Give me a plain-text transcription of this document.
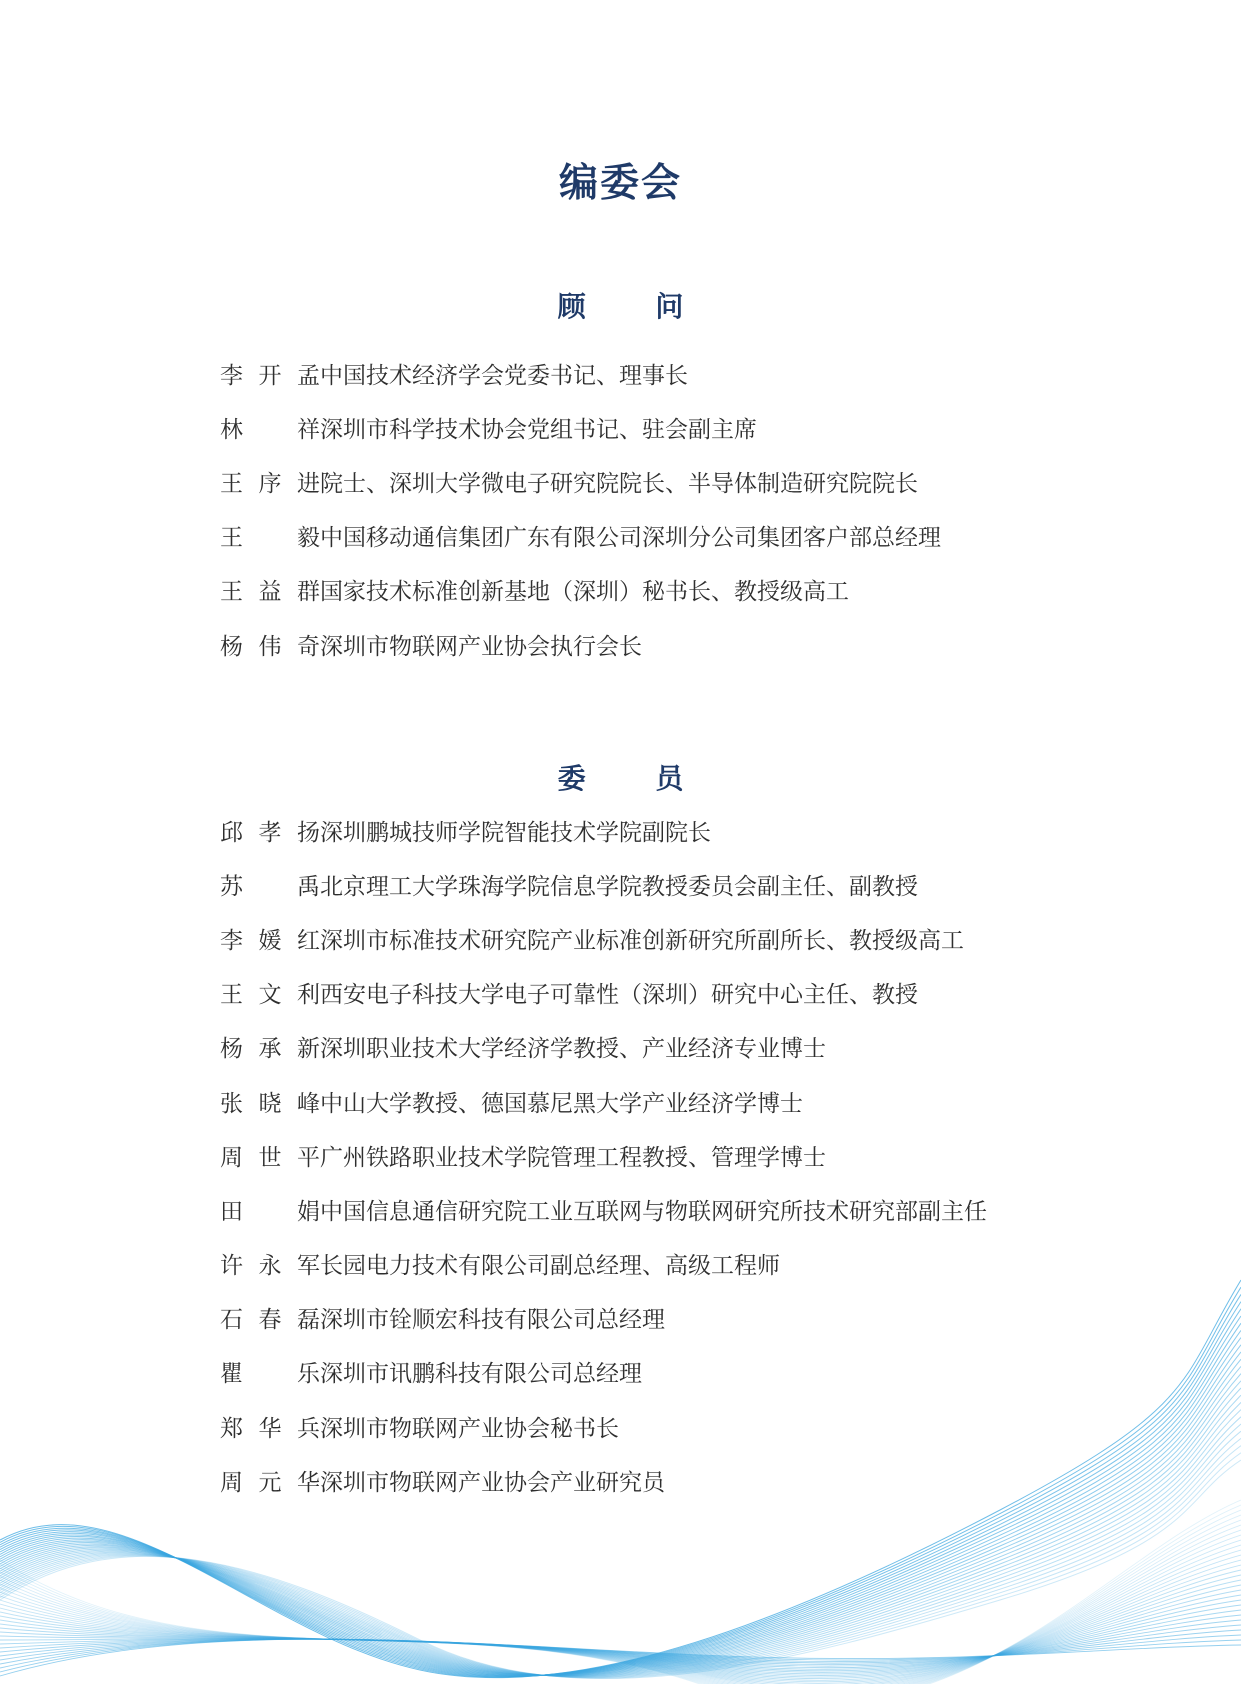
编委会
顾 问
李开孟 中国技术经济学会党委书记、理事长
林  祥 深圳市科学技术协会党组书记、驻会副主席
王序进 院士、深圳大学微电子研究院院长、半导体制造研究院院长
王  毅 中国移动通信集团广东有限公司深圳分公司集团客户部总经理
王益群 国家技术标准创新基地（深圳）秘书长、教授级高工
杨伟奇 深圳市物联网产业协会执行会长
委 员
邱孝扬 深圳鹏城技师学院智能技术学院副院长
苏  禹 北京理工大学珠海学院信息学院教授委员会副主任、副教授
李媛红 深圳市标准技术研究院产业标准创新研究所副所长、教授级高工
王文利 西安电子科技大学电子可靠性（深圳）研究中心主任、教授
杨承新 深圳职业技术大学经济学教授、产业经济专业博士
张晓峰 中山大学教授、德国慕尼黑大学产业经济学博士
周世平 广州铁路职业技术学院管理工程教授、管理学博士
田  娟 中国信息通信研究院工业互联网与物联网研究所技术研究部副主任
许永军 长园电力技术有限公司副总经理、高级工程师
石春磊 深圳市铨顺宏科技有限公司总经理
瞿  乐 深圳市讯鹏科技有限公司总经理
郑华兵 深圳市物联网产业协会秘书长
周元华 深圳市物联网产业协会产业研究员
